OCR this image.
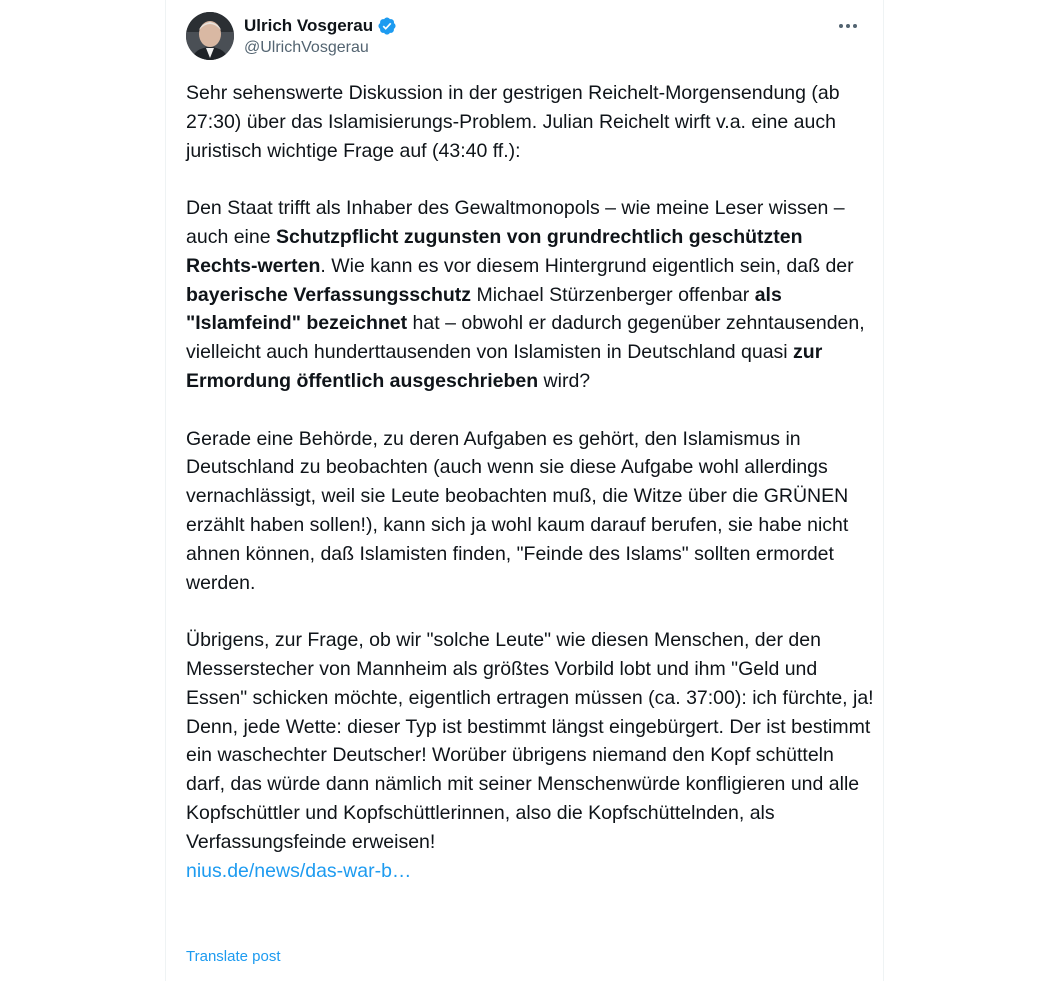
Ulrich Vosgerau
@UlrichVosgerau

Sehr sehenswerte Diskussion in der gestrigen Reichelt-Morgensendung (ab 27:30) über das Islamisierungs-Problem. Julian Reichelt wirft v.a. eine auch juristisch wichtige Frage auf (43:40 ff.):

Den Staat trifft als Inhaber des Gewaltmonopols – wie meine Leser wissen – auch eine Schutzpflicht zugunsten von grundrechtlich geschützten Rechts-werten. Wie kann es vor diesem Hintergrund eigentlich sein, daß der bayerische Verfassungsschutz Michael Stürzenberger offenbar als "Islamfeind" bezeichnet hat – obwohl er dadurch gegenüber zehntausenden, vielleicht auch hunderttausenden von Islamisten in Deutschland quasi zur Ermordung öffentlich ausgeschrieben wird?

Gerade eine Behörde, zu deren Aufgaben es gehört, den Islamismus in Deutschland zu beobachten (auch wenn sie diese Aufgabe wohl allerdings vernachlässigt, weil sie Leute beobachten muß, die Witze über die GRÜNEN erzählt haben sollen!), kann sich ja wohl kaum darauf berufen, sie habe nicht ahnen können, daß Islamisten finden, "Feinde des Islams" sollten ermordet werden.

Übrigens, zur Frage, ob wir "solche Leute" wie diesen Menschen, der den Messerstecher von Mannheim als größtes Vorbild lobt und ihm "Geld und Essen" schicken möchte, eigentlich ertragen müssen (ca. 37:00): ich fürchte, ja! Denn, jede Wette: dieser Typ ist bestimmt längst eingebürgert. Der ist bestimmt ein waschechter Deutscher! Worüber übrigens niemand den Kopf schütteln darf, das würde dann nämlich mit seiner Menschenwürde konfligieren und alle Kopfschüttler und Kopfschüttlerinnen, also die Kopfschüttelnden, als Verfassungsfeinde erweisen!

nius.de/news/das-war-b…
Translate post
